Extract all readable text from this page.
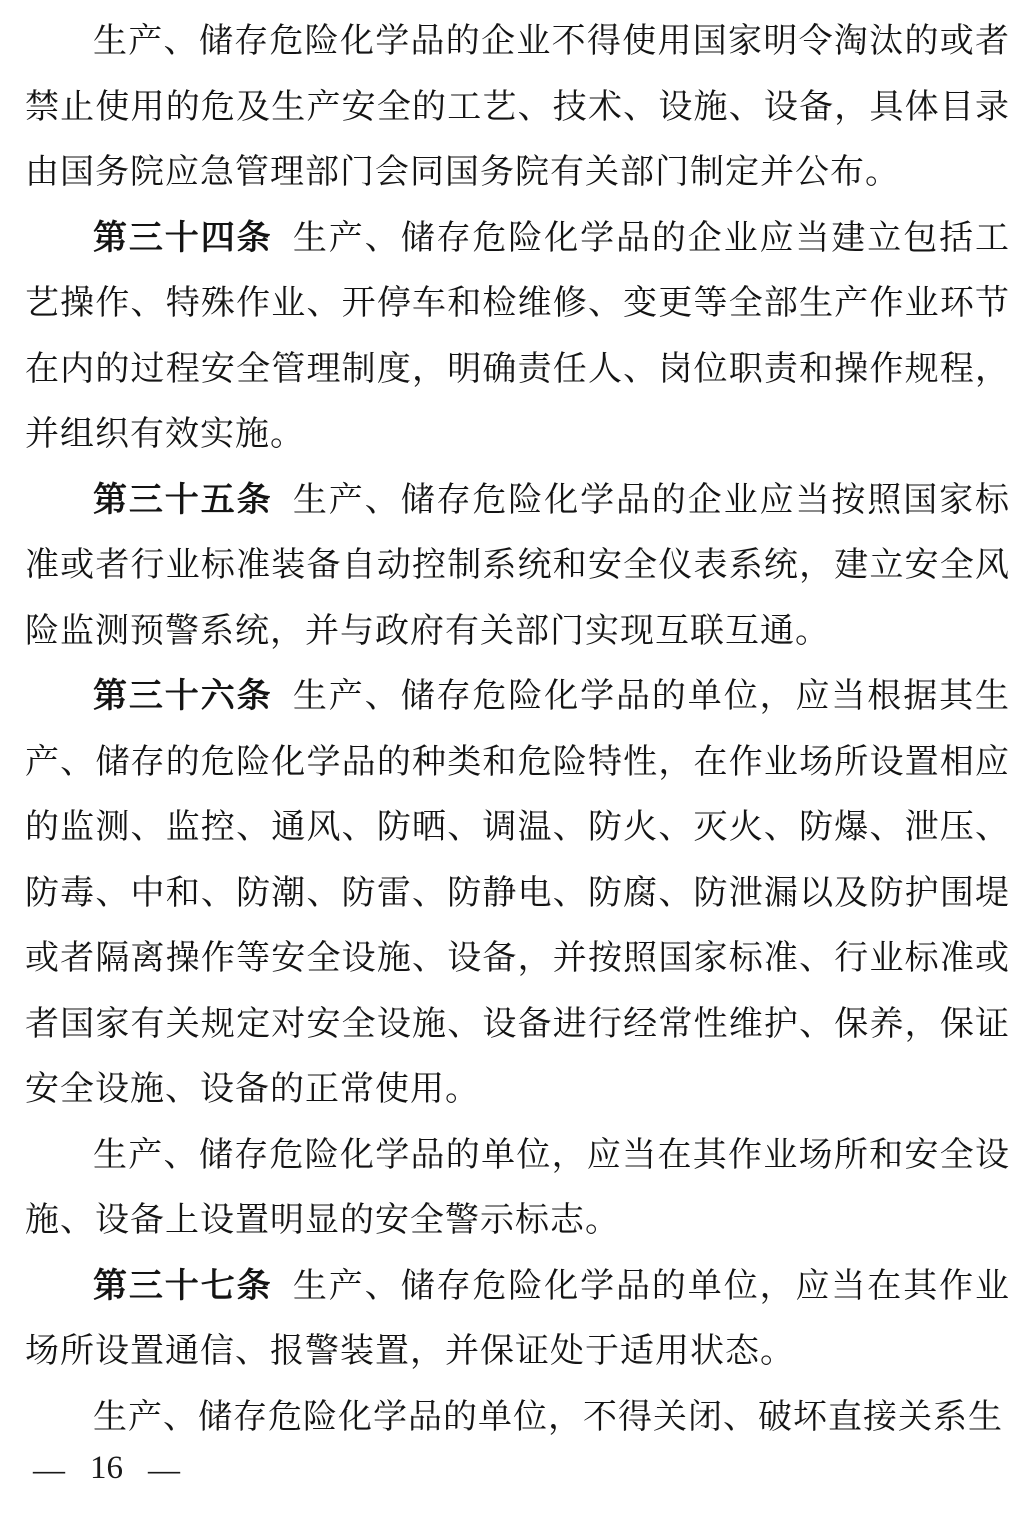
生产、储存危险化学品的企业不得使用国家明令淘汰的或者禁止使用的危及生产安全的工艺、技术、设施、设备，具体目录由国务院应急管理部门会同国务院有关部门制定并公布。

第三十四条 生产、储存危险化学品的企业应当建立包括工艺操作、特殊作业、开停车和检维修、变更等全部生产作业环节在内的过程安全管理制度，明确责任人、岗位职责和操作规程，并组织有效实施。

第三十五条 生产、储存危险化学品的企业应当按照国家标准或者行业标准装备自动控制系统和安全仪表系统，建立安全风险监测预警系统，并与政府有关部门实现互联互通。

第三十六条 生产、储存危险化学品的单位，应当根据其生产、储存的危险化学品的种类和危险特性，在作业场所设置相应的监测、监控、通风、防晒、调温、防火、灭火、防爆、泄压、防毒、中和、防潮、防雷、防静电、防腐、防泄漏以及防护围堤或者隔离操作等安全设施、设备，并按照国家标准、行业标准或者国家有关规定对安全设施、设备进行经常性维护、保养，保证安全设施、设备的正常使用。

生产、储存危险化学品的单位，应当在其作业场所和安全设施、设备上设置明显的安全警示标志。

第三十七条 生产、储存危险化学品的单位，应当在其作业场所设置通信、报警装置，并保证处于适用状态。

生产、储存危险化学品的单位，不得关闭、破坏直接关系生

— 16 —
